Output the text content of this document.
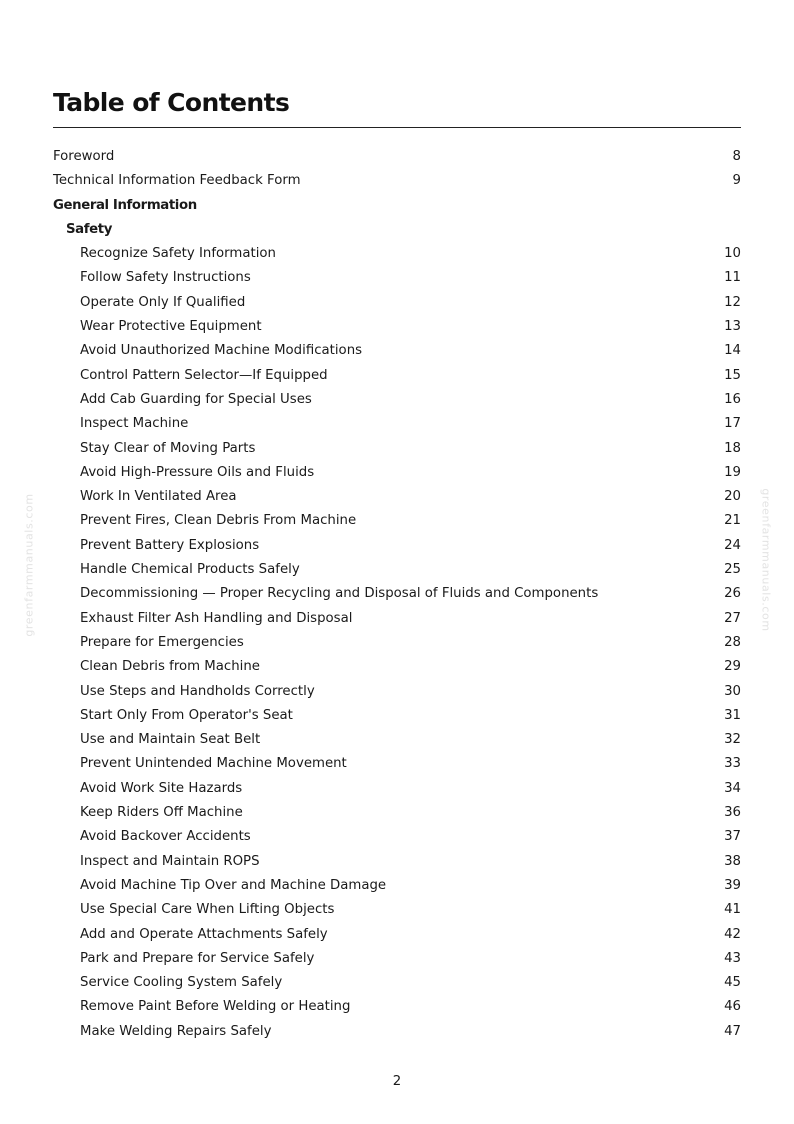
Table of Contents
Foreword	8
Technical Information Feedback Form	9
General Information
Safety
Recognize Safety Information	10
Follow Safety Instructions	11
Operate Only If Qualified	12
Wear Protective Equipment	13
Avoid Unauthorized Machine Modifications	14
Control Pattern Selector—If Equipped	15
Add Cab Guarding for Special Uses	16
Inspect Machine	17
Stay Clear of Moving Parts	18
Avoid High-Pressure Oils and Fluids	19
Work In Ventilated Area	20
Prevent Fires, Clean Debris From Machine	21
Prevent Battery Explosions	24
Handle Chemical Products Safely	25
Decommissioning — Proper Recycling and Disposal of Fluids and Components	26
Exhaust Filter Ash Handling and Disposal	27
Prepare for Emergencies	28
Clean Debris from Machine	29
Use Steps and Handholds Correctly	30
Start Only From Operator's Seat	31
Use and Maintain Seat Belt	32
Prevent Unintended Machine Movement	33
Avoid Work Site Hazards	34
Keep Riders Off Machine	36
Avoid Backover Accidents	37
Inspect and Maintain ROPS	38
Avoid Machine Tip Over and Machine Damage	39
Use Special Care When Lifting Objects	41
Add and Operate Attachments Safely	42
Park and Prepare for Service Safely	43
Service Cooling System Safely	45
Remove Paint Before Welding or Heating	46
Make Welding Repairs Safely	47
2
greenfarmmanuals.com	greenfarmmanuals.com
